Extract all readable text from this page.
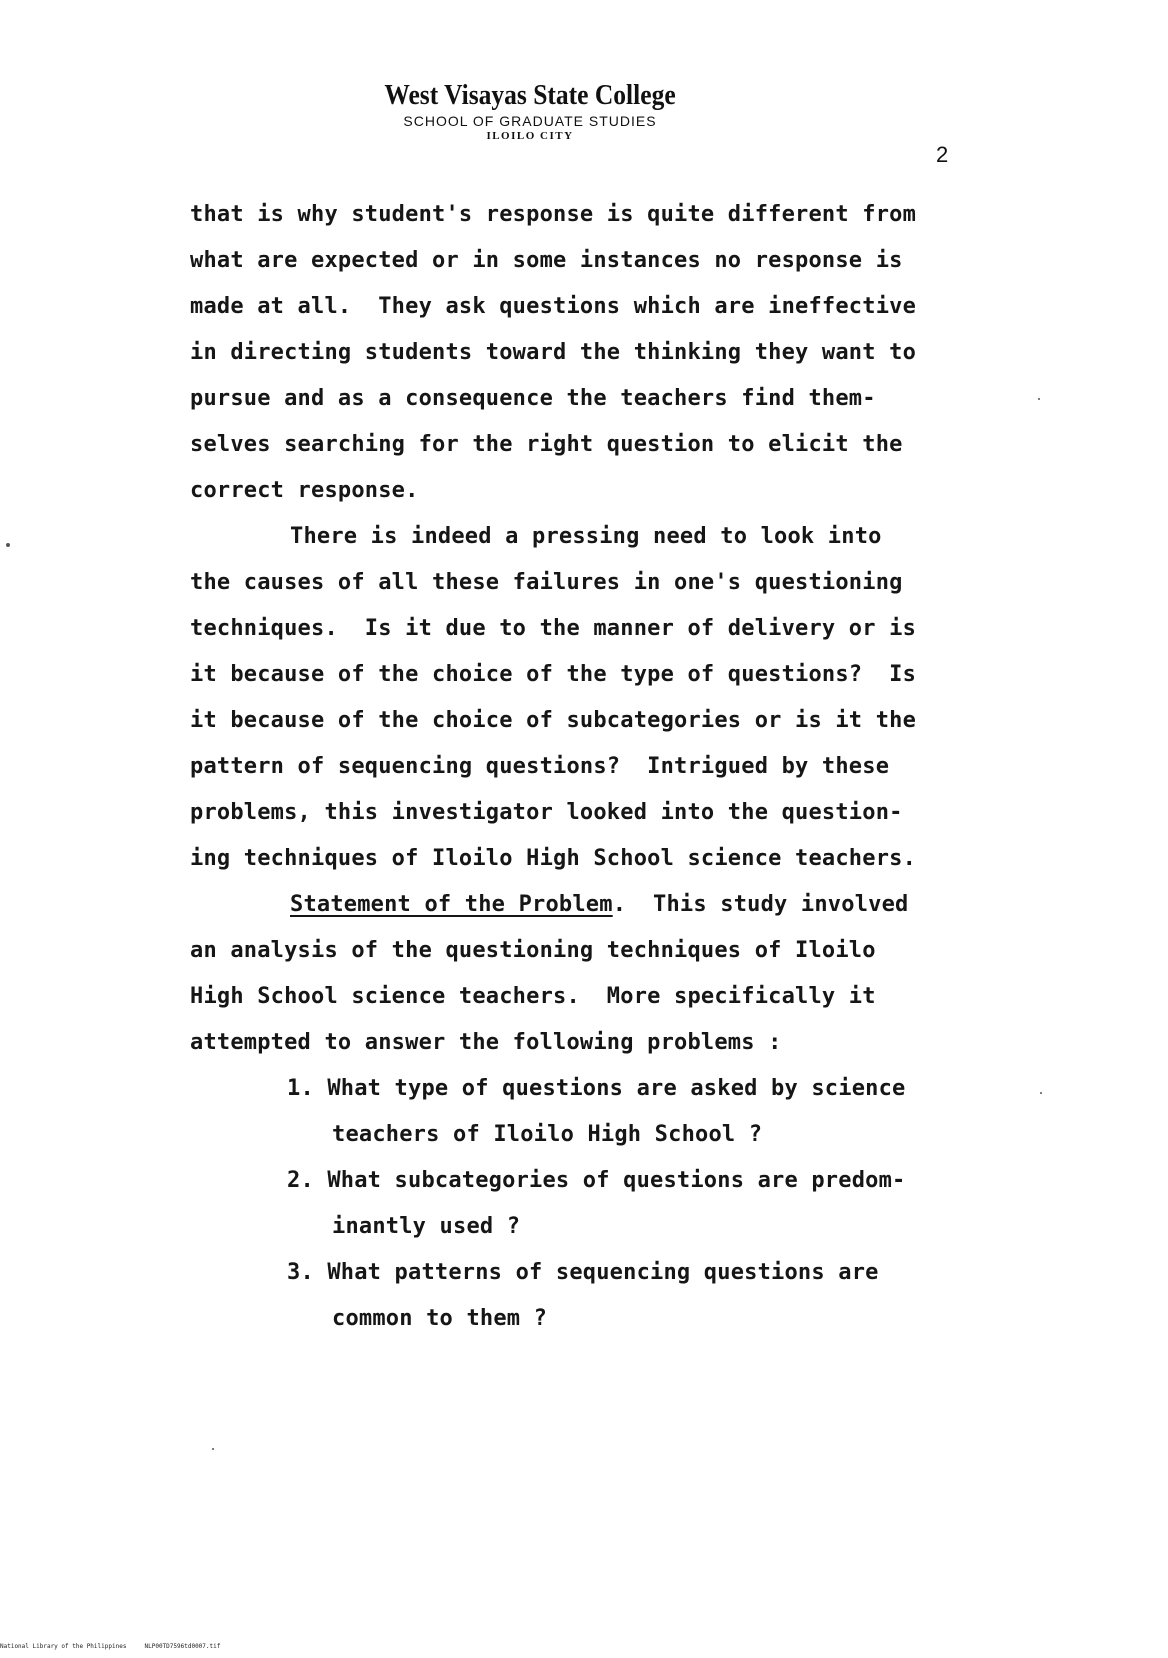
West Visayas State College
SCHOOL OF GRADUATE STUDIES
ILOILO CITY
2
that is why student's response is quite different from
what are expected or in some instances no response is
made at all.  They ask questions which are ineffective
in directing students toward the thinking they want to
pursue and as a consequence the teachers find them-
selves searching for the right question to elicit the
correct response.
There is indeed a pressing need to look into
the causes of all these failures in one's questioning
techniques.  Is it due to the manner of delivery or is
it because of the choice of the type of questions?  Is
it because of the choice of subcategories or is it the
pattern of sequencing questions?  Intrigued by these
problems, this investigator looked into the question-
ing techniques of Iloilo High School science teachers.
Statement of the Problem.  This study involved
an analysis of the questioning techniques of Iloilo
High School science teachers.  More specifically it
attempted to answer the following problems :
1. What type of questions are asked by science
teachers of Iloilo High School ?
2. What subcategories of questions are predom-
inantly used ?
3. What patterns of sequencing questions are
common to them ?
National Library of the Philippines	NLP00TD7596td0007.tif
